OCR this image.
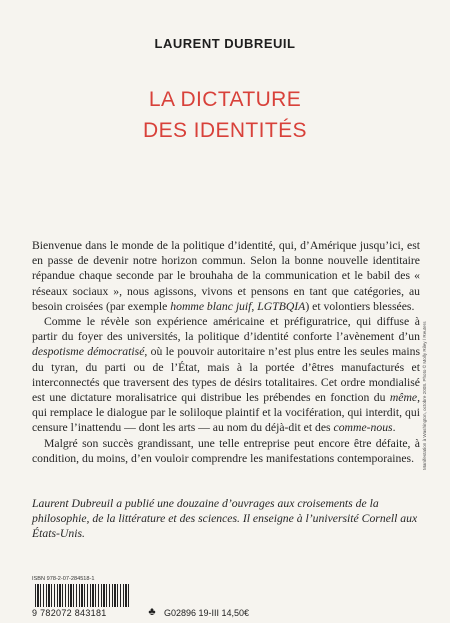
LAURENT DUBREUIL
LA DICTATURE
DES IDENTITÉS

Bienvenue dans le monde de la politique d’identité, qui, d’Amérique jusqu’ici, est en passe de devenir notre horizon commun. Selon la bonne nouvelle identitaire répandue chaque seconde par le brouhaha de la communication et le babil des « réseaux sociaux », nous agissons, vivons et pensons en tant que catégories, au besoin croisées (par exemple homme blanc juif, LGTBQIA) et volontiers blessées.

Comme le révèle son expérience américaine et préfiguratrice, qui diffuse à partir du foyer des universités, la politique d’identité conforte l’avènement d’un despotisme démocratisé, où le pouvoir autoritaire n’est plus entre les seules mains du tyran, du parti ou de l’État, mais à la portée d’êtres manufacturés et interconnectés que traversent des types de désirs totalitaires. Cet ordre mondialisé est une dictature moralisatrice qui distribue les prébendes en fonction du même, qui remplace le dialogue par le soliloque plaintif et la vocifération, qui interdit, qui censure l’inattendu — dont les arts — au nom du déjà-dit et des comme-nous.

Malgré son succès grandissant, une telle entreprise peut encore être défaite, à condition, du moins, d’en vouloir comprendre les manifestations contemporaines.

Laurent Dubreuil a publié une douzaine d’ouvrages aux croisements de la philosophie, de la littérature et des sciences. Il enseigne à l’université Cornell aux États-Unis.
Manifestation à Washington, octobre 2008. Photo © Molly Riley / Reuters
ISBN 978-2-07-284518-1
9 782072 843181	♣ G02896 19-III 14,50€
